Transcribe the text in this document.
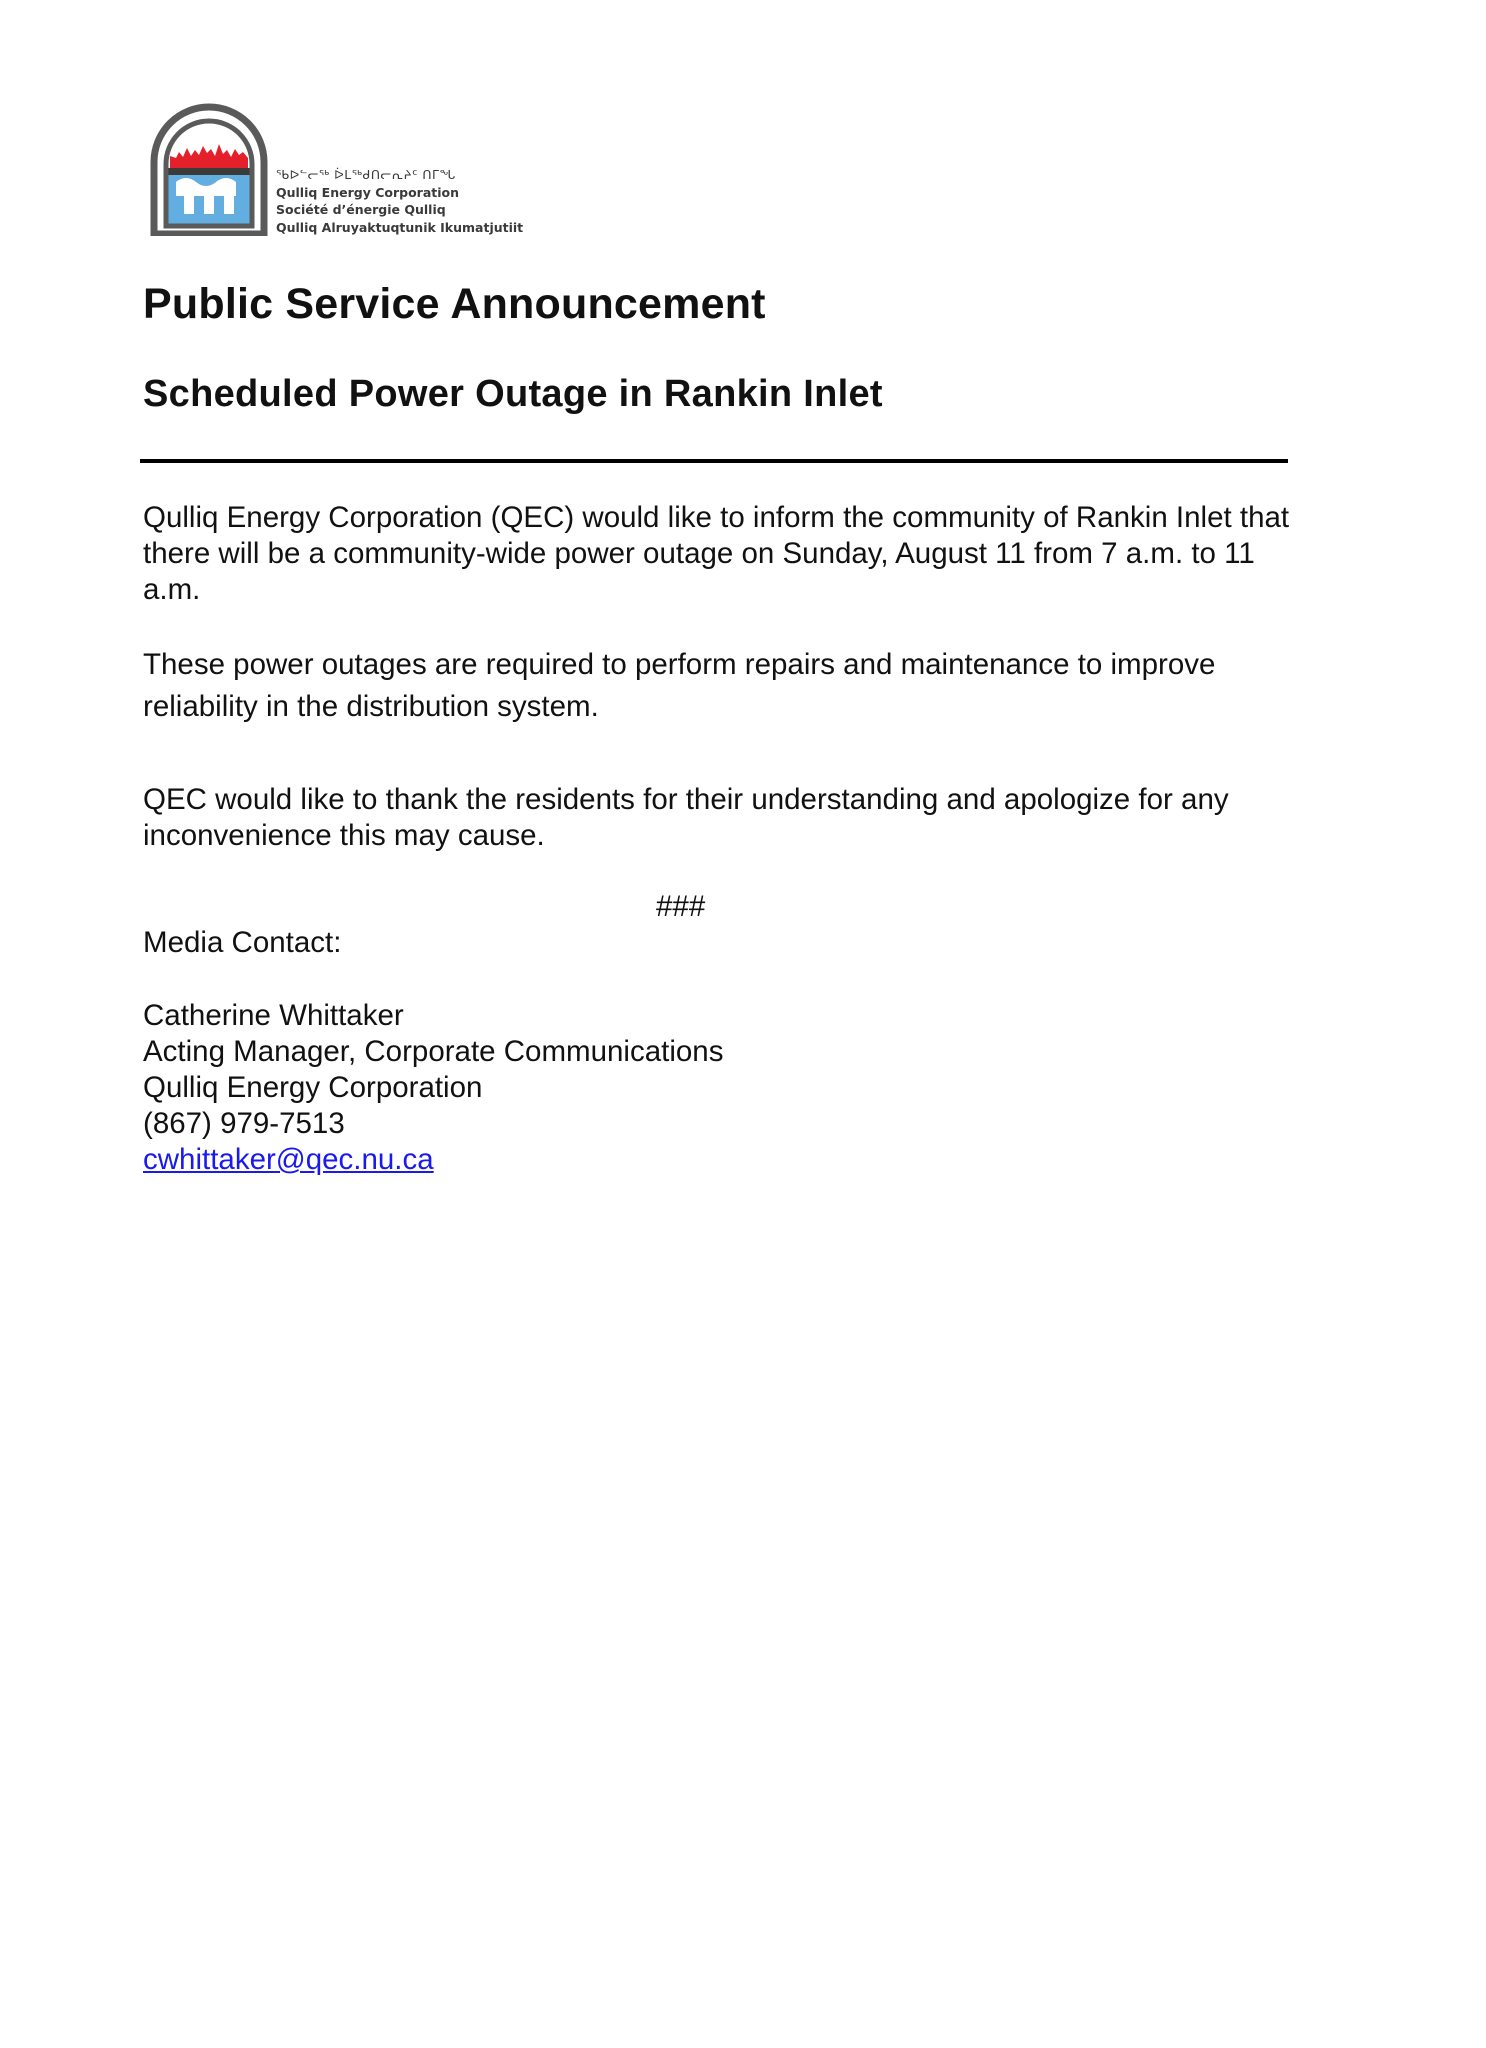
ᖃᐅᓪᓕᖅ ᐆᒪᖅᑯᑎᓕᕆᔨᑦ ᑎᒥᖓ
Qulliq Energy Corporation
Société d’énergie Qulliq
Qulliq Alruyaktuqtunik Ikumatjutiit
Public Service Announcement
Scheduled Power Outage in Rankin Inlet

Qulliq Energy Corporation (QEC) would like to inform the community of Rankin Inlet that there will be a community-wide power outage on Sunday, August 11 from 7 a.m. to 11 a.m.

These power outages are required to perform repairs and maintenance to improve reliability in the distribution system.

QEC would like to thank the residents for their understanding and apologize for any inconvenience this may cause.

###

Media Contact:

Catherine Whittaker
Acting Manager, Corporate Communications
Qulliq Energy Corporation
(867) 979-7513
cwhittaker@qec.nu.ca
